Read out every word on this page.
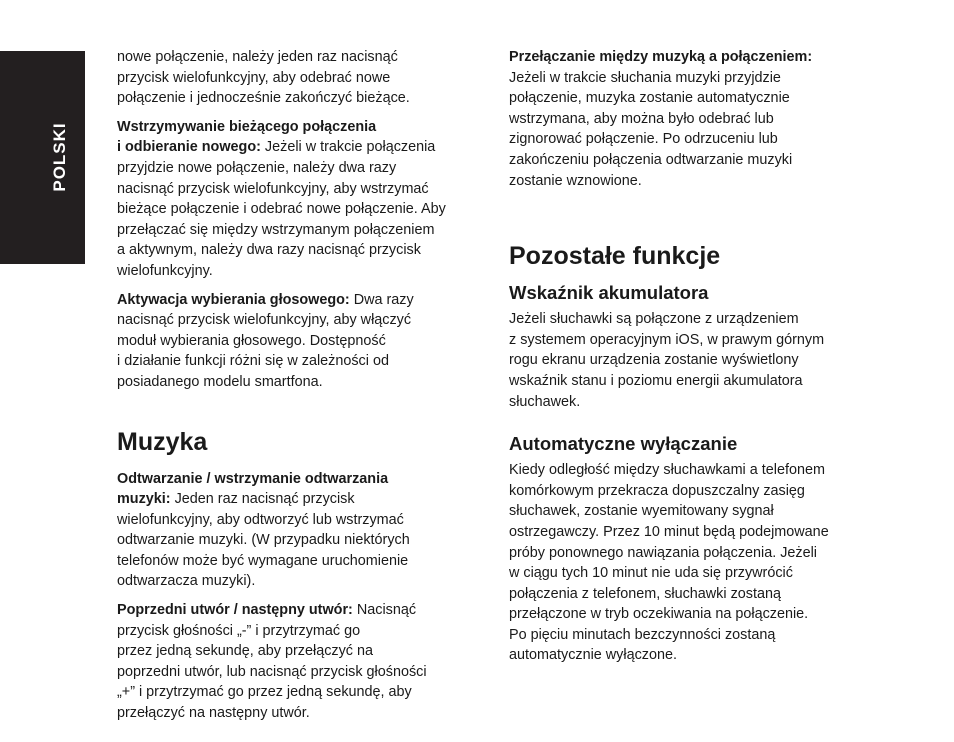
POLSKI

nowe połączenie, należy jeden raz nacisnąć
przycisk wielofunkcyjny, aby odebrać nowe
połączenie i jednocześnie zakończyć bieżące.

Wstrzymywanie bieżącego połączenia
i odbieranie nowego: Jeżeli w trakcie połączenia
przyjdzie nowe połączenie, należy dwa razy
nacisnąć przycisk wielofunkcyjny, aby wstrzymać
bieżące połączenie i odebrać nowe połączenie. Aby
przełączać się między wstrzymanym połączeniem
a aktywnym, należy dwa razy nacisnąć przycisk
wielofunkcyjny.

Aktywacja wybierania głosowego: Dwa razy
nacisnąć przycisk wielofunkcyjny, aby włączyć
moduł wybierania głosowego. Dostępność
i działanie funkcji różni się w zależności od
posiadanego modelu smartfona.

Muzyka

Odtwarzanie / wstrzymanie odtwarzania
muzyki: Jeden raz nacisnąć przycisk
wielofunkcyjny, aby odtworzyć lub wstrzymać
odtwarzanie muzyki. (W przypadku niektórych
telefonów może być wymagane uruchomienie
odtwarzacza muzyki).

Poprzedni utwór / następny utwór: Nacisnąć
przycisk głośności „-” i przytrzymać go
przez jedną sekundę, aby przełączyć na
poprzedni utwór, lub nacisnąć przycisk głośności
„+” i przytrzymać go przez jedną sekundę, aby
przełączyć na następny utwór.

Przełączanie między muzyką a połączeniem:
Jeżeli w trakcie słuchania muzyki przyjdzie
połączenie, muzyka zostanie automatycznie
wstrzymana, aby można było odebrać lub
zignorować połączenie. Po odrzuceniu lub
zakończeniu połączenia odtwarzanie muzyki
zostanie wznowione.

Pozostałe funkcje
Wskaźnik akumulatora

Jeżeli słuchawki są połączone z urządzeniem
z systemem operacyjnym iOS, w prawym górnym
rogu ekranu urządzenia zostanie wyświetlony
wskaźnik stanu i poziomu energii akumulatora
słuchawek.

Automatyczne wyłączanie

Kiedy odległość między słuchawkami a telefonem
komórkowym przekracza dopuszczalny zasięg
słuchawek, zostanie wyemitowany sygnał
ostrzegawczy. Przez 10 minut będą podejmowane
próby ponownego nawiązania połączenia. Jeżeli
w ciągu tych 10 minut nie uda się przywrócić
połączenia z telefonem, słuchawki zostaną
przełączone w tryb oczekiwania na połączenie.
Po pięciu minutach bezczynności zostaną
automatycznie wyłączone.
